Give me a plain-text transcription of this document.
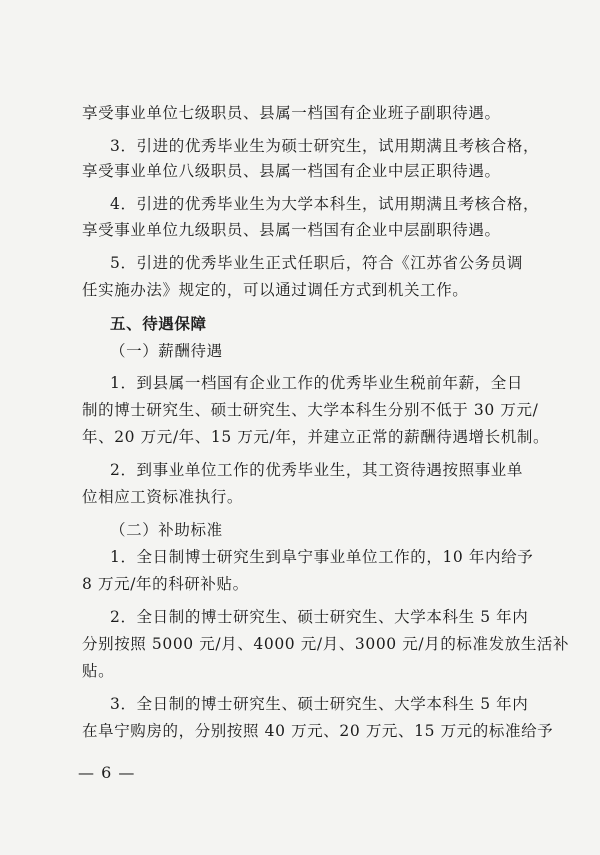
享受事业单位七级职员、县属一档国有企业班子副职待遇。
3．引进的优秀毕业生为硕士研究生，试用期满且考核合格，
享受事业单位八级职员、县属一档国有企业中层正职待遇。
4．引进的优秀毕业生为大学本科生，试用期满且考核合格，
享受事业单位九级职员、县属一档国有企业中层副职待遇。
5．引进的优秀毕业生正式任职后，符合《江苏省公务员调
任实施办法》规定的，可以通过调任方式到机关工作。
五、待遇保障
（一）薪酬待遇
1．到县属一档国有企业工作的优秀毕业生税前年薪，全日
制的博士研究生、硕士研究生、大学本科生分别不低于 30 万元/
年、20 万元/年、15 万元/年，并建立正常的薪酬待遇增长机制。
2．到事业单位工作的优秀毕业生，其工资待遇按照事业单
位相应工资标准执行。
（二）补助标准
1．全日制博士研究生到阜宁事业单位工作的，10 年内给予
8 万元/年的科研补贴。
2．全日制的博士研究生、硕士研究生、大学本科生 5 年内
分别按照 5000 元/月、4000 元/月、3000 元/月的标准发放生活补
贴。
3．全日制的博士研究生、硕士研究生、大学本科生 5 年内
在阜宁购房的，分别按照 40 万元、20 万元、15 万元的标准给予
— 6 —
